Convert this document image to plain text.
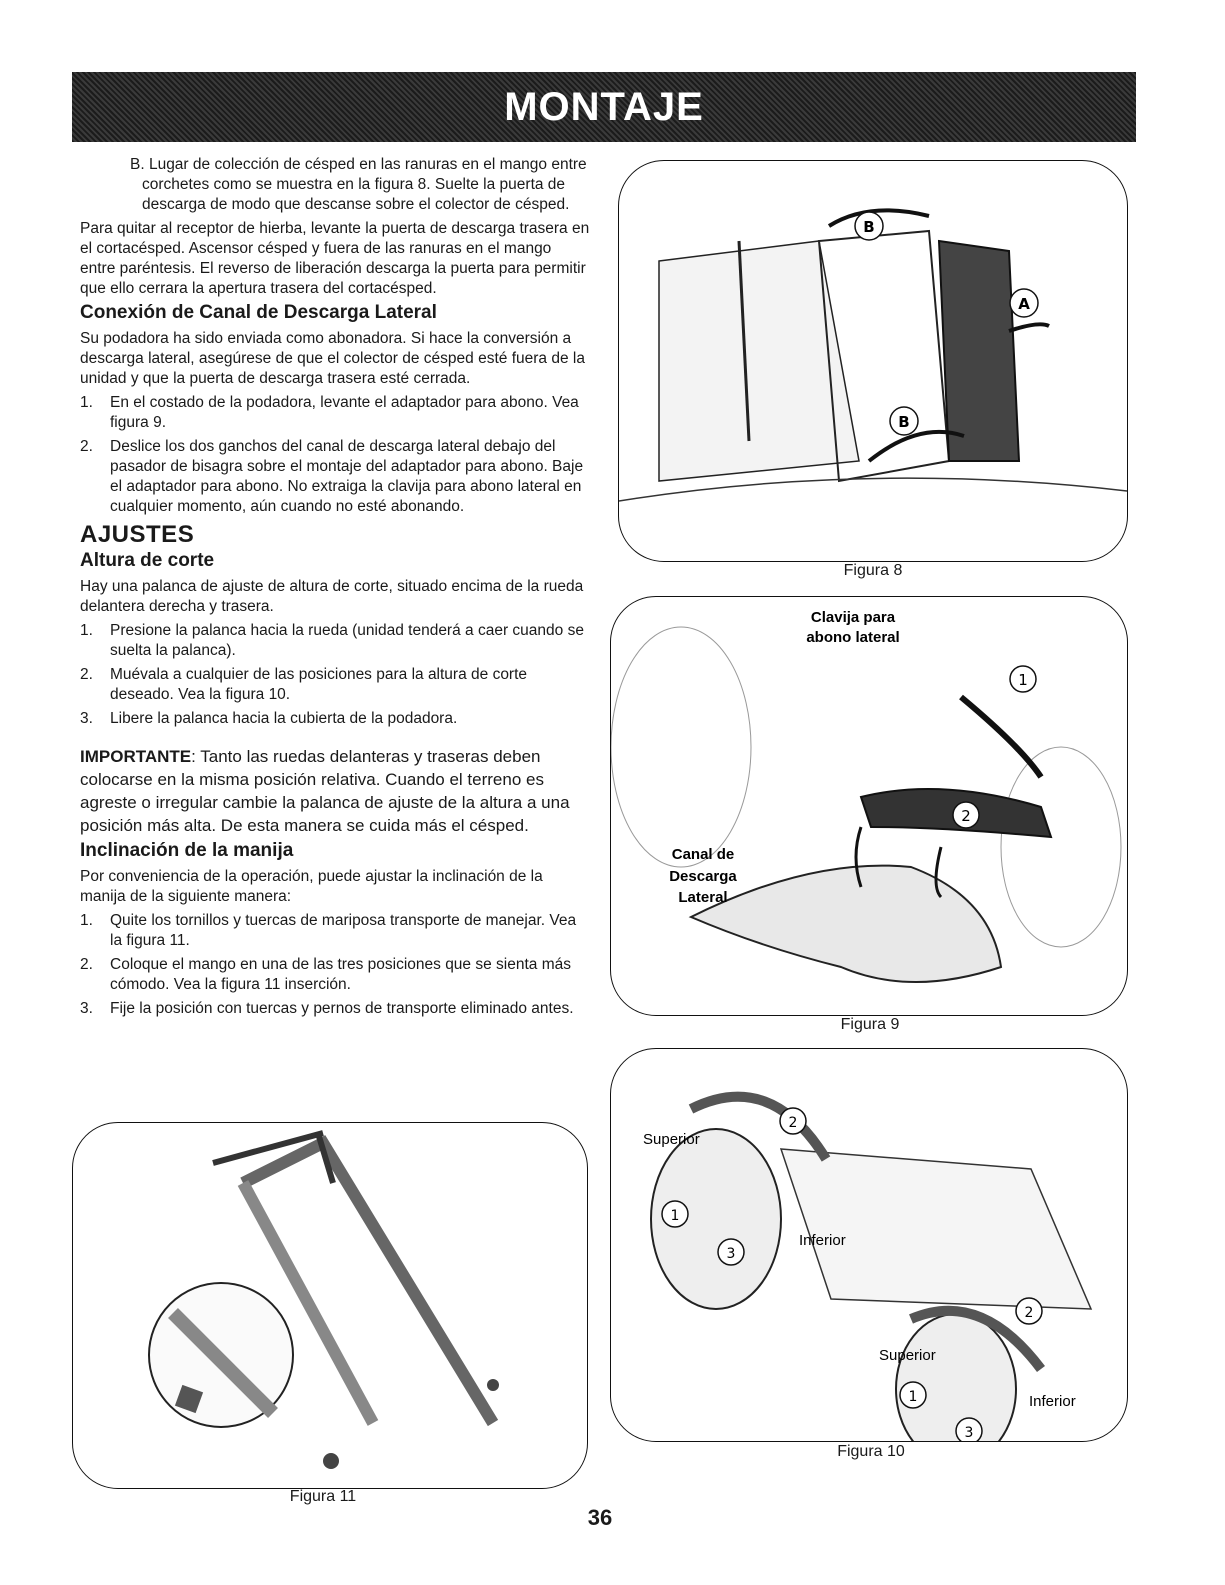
MONTAJE

B. Lugar de colección de césped en las ranuras en el mango entre corchetes como se muestra en la figura 8. Suelte la puerta de descarga de modo que descanse sobre el colector de césped.

Para quitar al receptor de hierba, levante la puerta de descarga trasera en el cortacésped. Ascensor césped y fuera de las ranuras en el mango entre paréntesis. El reverso de liberación descarga la puerta para permitir que ello cerrara la apertura trasera del cortacésped.

Conexión de Canal de Descarga Lateral

Su podadora ha sido enviada como abonadora. Si hace la conversión a descarga lateral, asegúrese de que el colector de césped esté fuera de la unidad y que la puerta de descarga trasera esté cerrada.

1.	En el costado de la podadora, levante el adaptador para abono. Vea figura 9.
2.	Deslice los dos ganchos del canal de descarga lateral debajo del pasador de bisagra sobre el montaje del adaptador para abono. Baje el adaptador para abono. No extraiga la clavija para abono lateral en cualquier momento, aún cuando no esté abonando.
AJUSTES
Altura de corte

Hay una palanca de ajuste de altura de corte, situado encima de la rueda delantera derecha y trasera.

1.	Presione la palanca hacia la rueda (unidad tenderá a caer cuando se suelta la palanca).
2.	Muévala a cualquier de las posiciones para la altura de corte deseado. Vea la figura 10.
3.	Libere la palanca hacia la cubierta de la podadora.

IMPORTANTE: Tanto las ruedas delanteras y traseras deben colocarse en la misma posición relativa. Cuando el terreno es agreste o irregular cambie la palanca de ajuste de la altura a una posición más alta. De esta manera se cuida más el césped.

Inclinación de la manija

Por conveniencia de la operación, puede ajustar la inclinación de la manija de la siguiente manera:

1.	Quite los tornillos y tuercas de mariposa transporte de manejar. Vea la figura 11.
2.	Coloque el mango en una de las tres posiciones que se sienta más cómodo. Vea la figura 11 inserción.
3.	Fije la posición con tuercas y pernos de transporte eliminado antes.
B
B
A
Figura 8
Clavija para
abono lateral
Canal de
Descarga
Lateral
1
2
Figura 9
Superior
Inferior
Superior
Inferior
2
1
3
2
1
3
Figura 10
Figura 11
36
